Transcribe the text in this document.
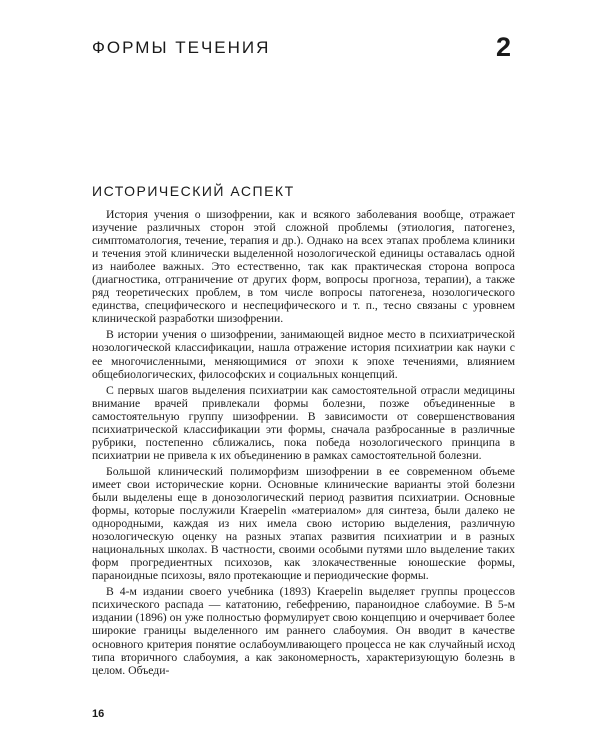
ФОРМЫ ТЕЧЕНИЯ	2
ИСТОРИЧЕСКИЙ АСПЕКТ

История учения о шизофрении, как и всякого заболевания вообще, отражает изучение различных сторон этой сложной проблемы (этиология, патогенез, симптоматология, течение, терапия и др.). Однако на всех этапах проблема клиники и течения этой клинически выделенной нозологической единицы оставалась одной из наиболее важных. Это естественно, так как практическая сторона вопроса (диагностика, отграничение от других форм, вопросы прогноза, терапии), а также ряд теоретических проблем, в том числе вопросы патогенеза, нозологического единства, специфического и неспецифического и т. п., тесно связаны с уровнем клинической разработки шизофрении.

В истории учения о шизофрении, занимающей видное место в психиатрической нозологической классификации, нашла отражение история психиатрии как науки с ее многочисленными, меняющимися от эпохи к эпохе течениями, влиянием общебиологических, философских и социальных концепций.

С первых шагов выделения психиатрии как самостоятельной отрасли медицины внимание врачей привлекали формы болезни, позже объединенные в самостоятельную группу шизофрении. В зависимости от совершенствования психиатрической классификации эти формы, сначала разбросанные в различные рубрики, постепенно сближались, пока победа нозологического принципа в психиатрии не привела к их объединению в рамках самостоятельной болезни.

Большой клинический полиморфизм шизофрении в ее современном объеме имеет свои исторические корни. Основные клинические варианты этой болезни были выделены еще в донозологический период развития психиатрии. Основные формы, которые послужили Kraepelin «материалом» для синтеза, были далеко не однородными, каждая из них имела свою историю выделения, различную нозологическую оценку на разных этапах развития психиатрии и в разных национальных школах. В частности, своими особыми путями шло выделение таких форм прогредиентных психозов, как злокачественные юношеские формы, параноидные психозы, вяло протекающие и периодические формы.

В 4-м издании своего учебника (1893) Kraepelin выделяет группы процессов психического распада — кататонию, гебефрению, параноидное слабоумие. В 5-м издании (1896) он уже полностью формулирует свою концепцию и очерчивает более широкие границы выделенного им раннего слабоумия. Он вводит в качестве основного критерия понятие ослабоумливающего процесса не как случайный исход типа вторичного слабоумия, а как закономерность, характеризующую болезнь в целом. Объеди-

16
